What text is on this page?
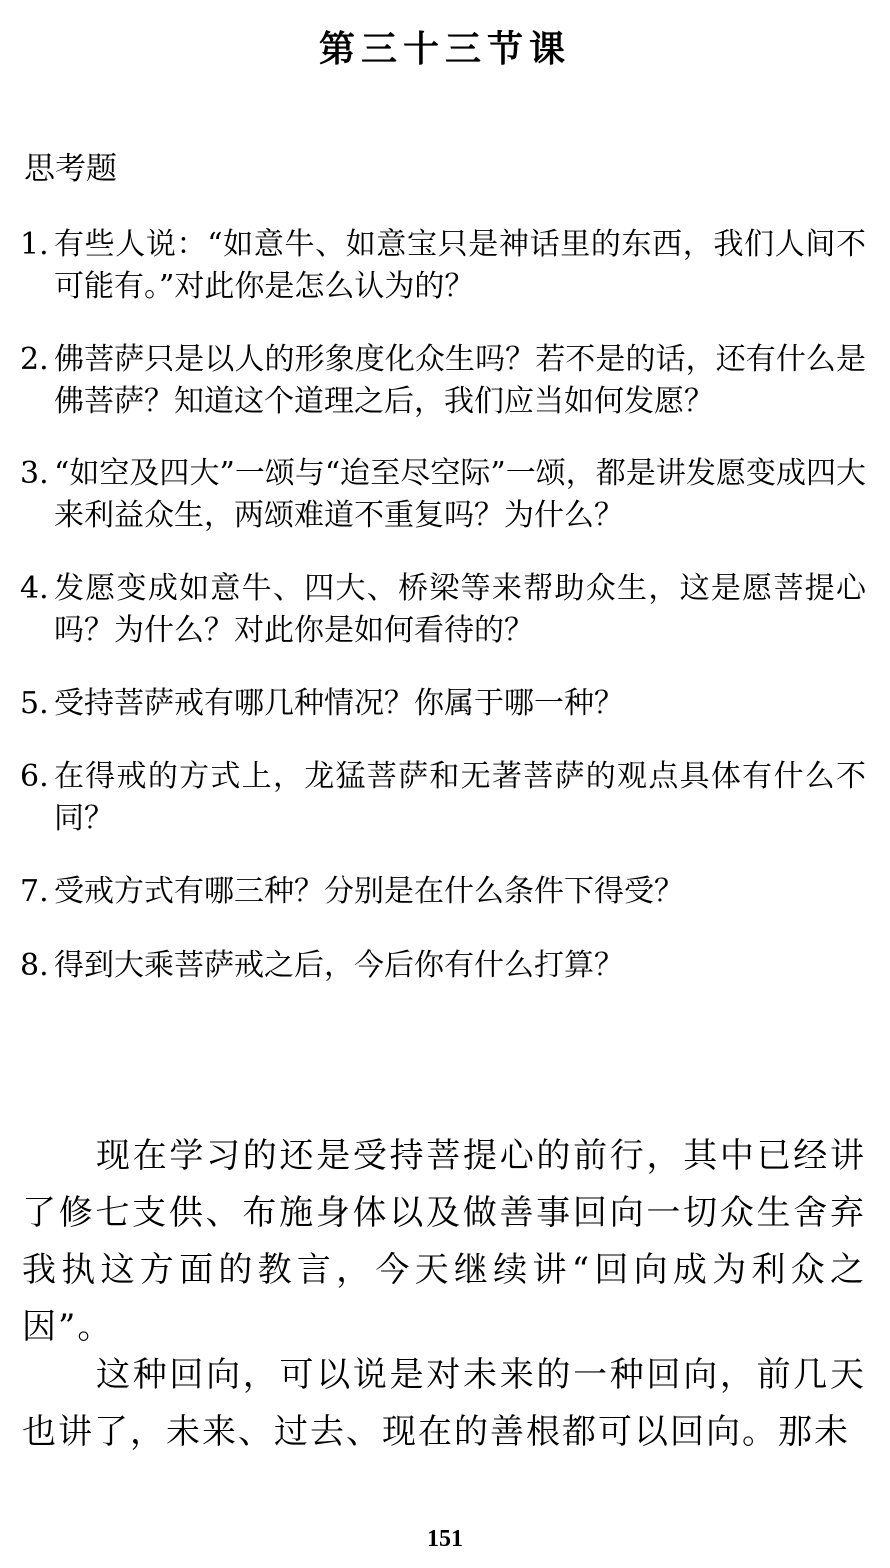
第三十三节课
思考题
1. 有些人说：“如意牛、如意宝只是神话里的东西，我们人间不可能有。”对此你是怎么认为的？
2. 佛菩萨只是以人的形象度化众生吗？若不是的话，还有什么是佛菩萨？知道这个道理之后，我们应当如何发愿？
3. “如空及四大”一颂与“迨至尽空际”一颂，都是讲发愿变成四大来利益众生，两颂难道不重复吗？为什么？
4. 发愿变成如意牛、四大、桥梁等来帮助众生，这是愿菩提心吗？为什么？对此你是如何看待的？
5. 受持菩萨戒有哪几种情况？你属于哪一种？
6. 在得戒的方式上，龙猛菩萨和无著菩萨的观点具体有什么不同？
7. 受戒方式有哪三种？分别是在什么条件下得受？
8. 得到大乘菩萨戒之后，今后你有什么打算？
现在学习的还是受持菩提心的前行，其中已经讲了修七支供、布施身体以及做善事回向一切众生舍弃我执这方面的教言，今天继续讲“回向成为利众之因”。
这种回向，可以说是对未来的一种回向，前几天也讲了，未来、过去、现在的善根都可以回向。那未
151
